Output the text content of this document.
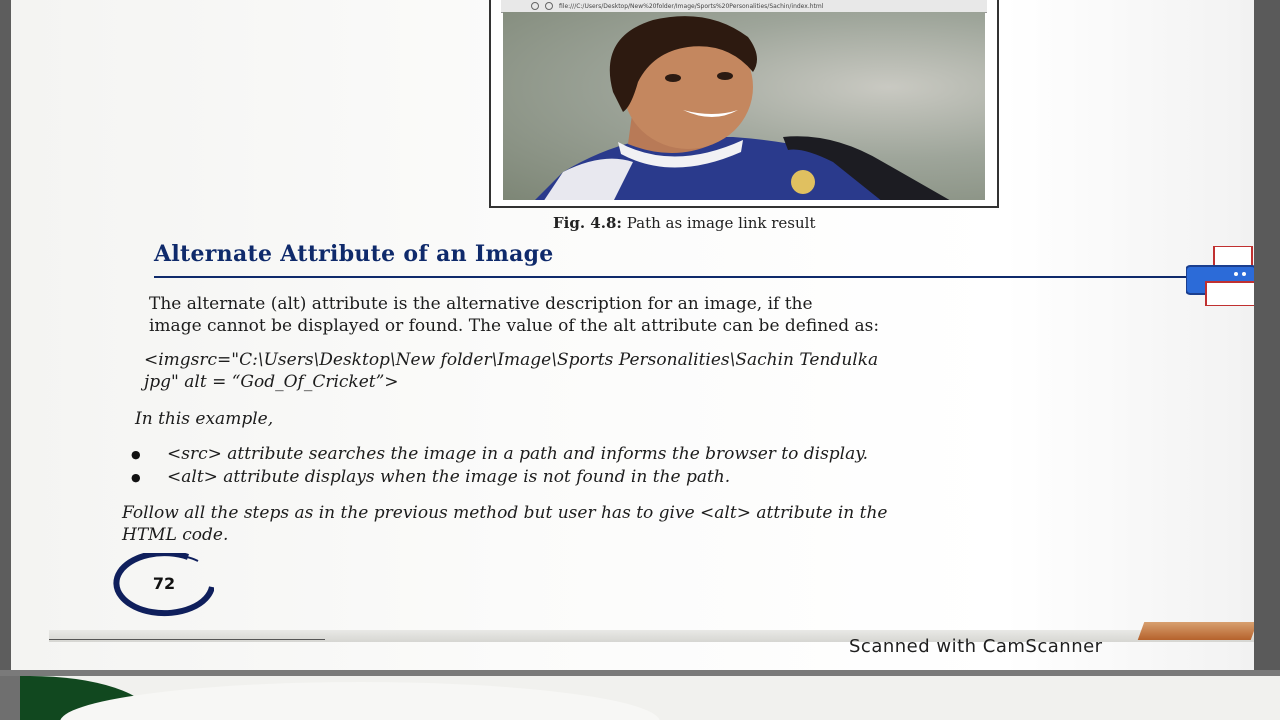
file:///C:/Users/Desktop/New%20folder/Image/Sports%20Personalities/Sachin/index.html
Fig. 4.8: Path as image link result
Alternate Attribute of an Image

The alternate (alt) attribute is the alternative description for an image, if the
image cannot be displayed or found. The value of the alt attribute can be defined as:

<imgsrc="C:\Users\Desktop\New folder\Image\Sports Personalities\Sachin Tendulka
jpg" alt = “God_Of_Cricket”>

In this example,

● <src> attribute searches the image in a path and informs the browser to display.
● <alt> attribute displays when the image is not found in the path.

Follow all the steps as in the previous method but user has to give <alt> attribute in the
HTML code.

72
Scanned with CamScanner
